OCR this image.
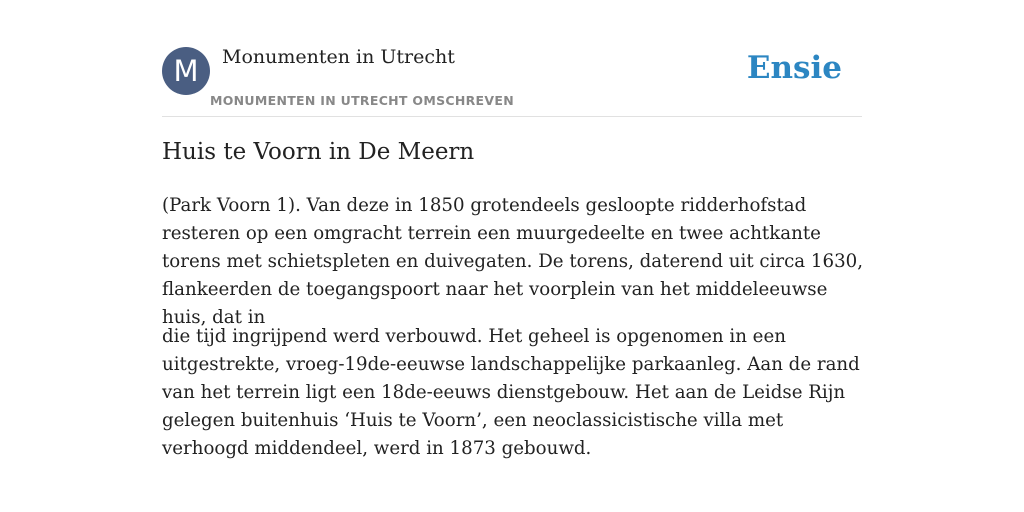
M	Monumenten in Utrecht
MONUMENTEN IN UTRECHT OMSCHREVEN
Ensie
Huis te Voorn in De Meern

(Park Voorn 1). Van deze in 1850 grotendeels gesloopte ridderhofstad resteren op een omgracht terrein een muurgedeelte en twee achtkante torens met schietspleten en duivegaten. De torens, daterend uit circa 1630, flankeerden de toegangspoort naar het voorplein van het middeleeuwse huis, dat in

die tijd ingrijpend werd verbouwd. Het geheel is opgenomen in een uitgestrekte, vroeg-19de-eeuwse landschappelijke parkaanleg. Aan de rand van het terrein ligt een 18de-eeuws dienstgebouw. Het aan de Leidse Rijn gelegen buitenhuis ‘Huis te Voorn’, een neoclassicistische villa met verhoogd middendeel, werd in 1873 gebouwd.
